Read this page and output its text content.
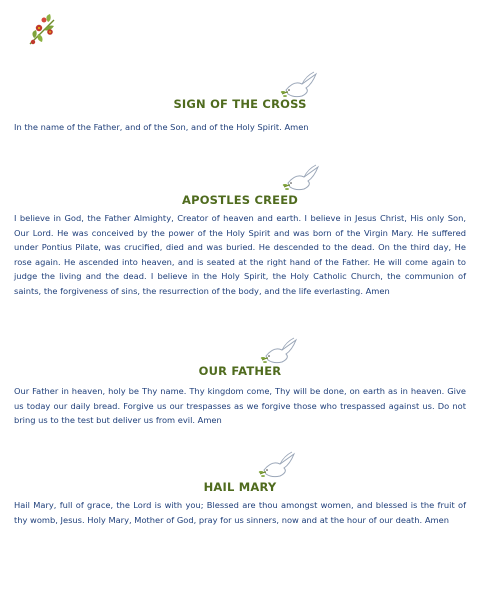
SIGN OF THE CROSS

In the name of the Father, and of the Son, and of the Holy Spirit. Amen

APOSTLES CREED

I believe in God, the Father Almighty, Creator of heaven and earth. I believe in Jesus Christ, His only Son, Our Lord. He was conceived by the power of the Holy Spirit and was born of the Virgin Mary. He suffered under Pontius Pilate, was crucified, died and was buried. He descended to the dead. On the third day, He rose again. He ascended into heaven, and is seated at the right hand of the Father. He will come again to judge the living and the dead. I believe in the Holy Spirit, the Holy Catholic Church, the communion of saints, the forgiveness of sins, the resurrection of the body, and the life everlasting. Amen

OUR FATHER

Our Father in heaven, holy be Thy name. Thy kingdom come, Thy will be done, on earth as in heaven. Give us today our daily bread. Forgive us our trespasses as we forgive those who trespassed against us. Do not bring us to the test but deliver us from evil. Amen

HAIL MARY

Hail Mary, full of grace, the Lord is with you; Blessed are thou amongst women, and blessed is the fruit of thy womb, Jesus. Holy Mary, Mother of God, pray for us sinners, now and at the hour of our death. Amen
